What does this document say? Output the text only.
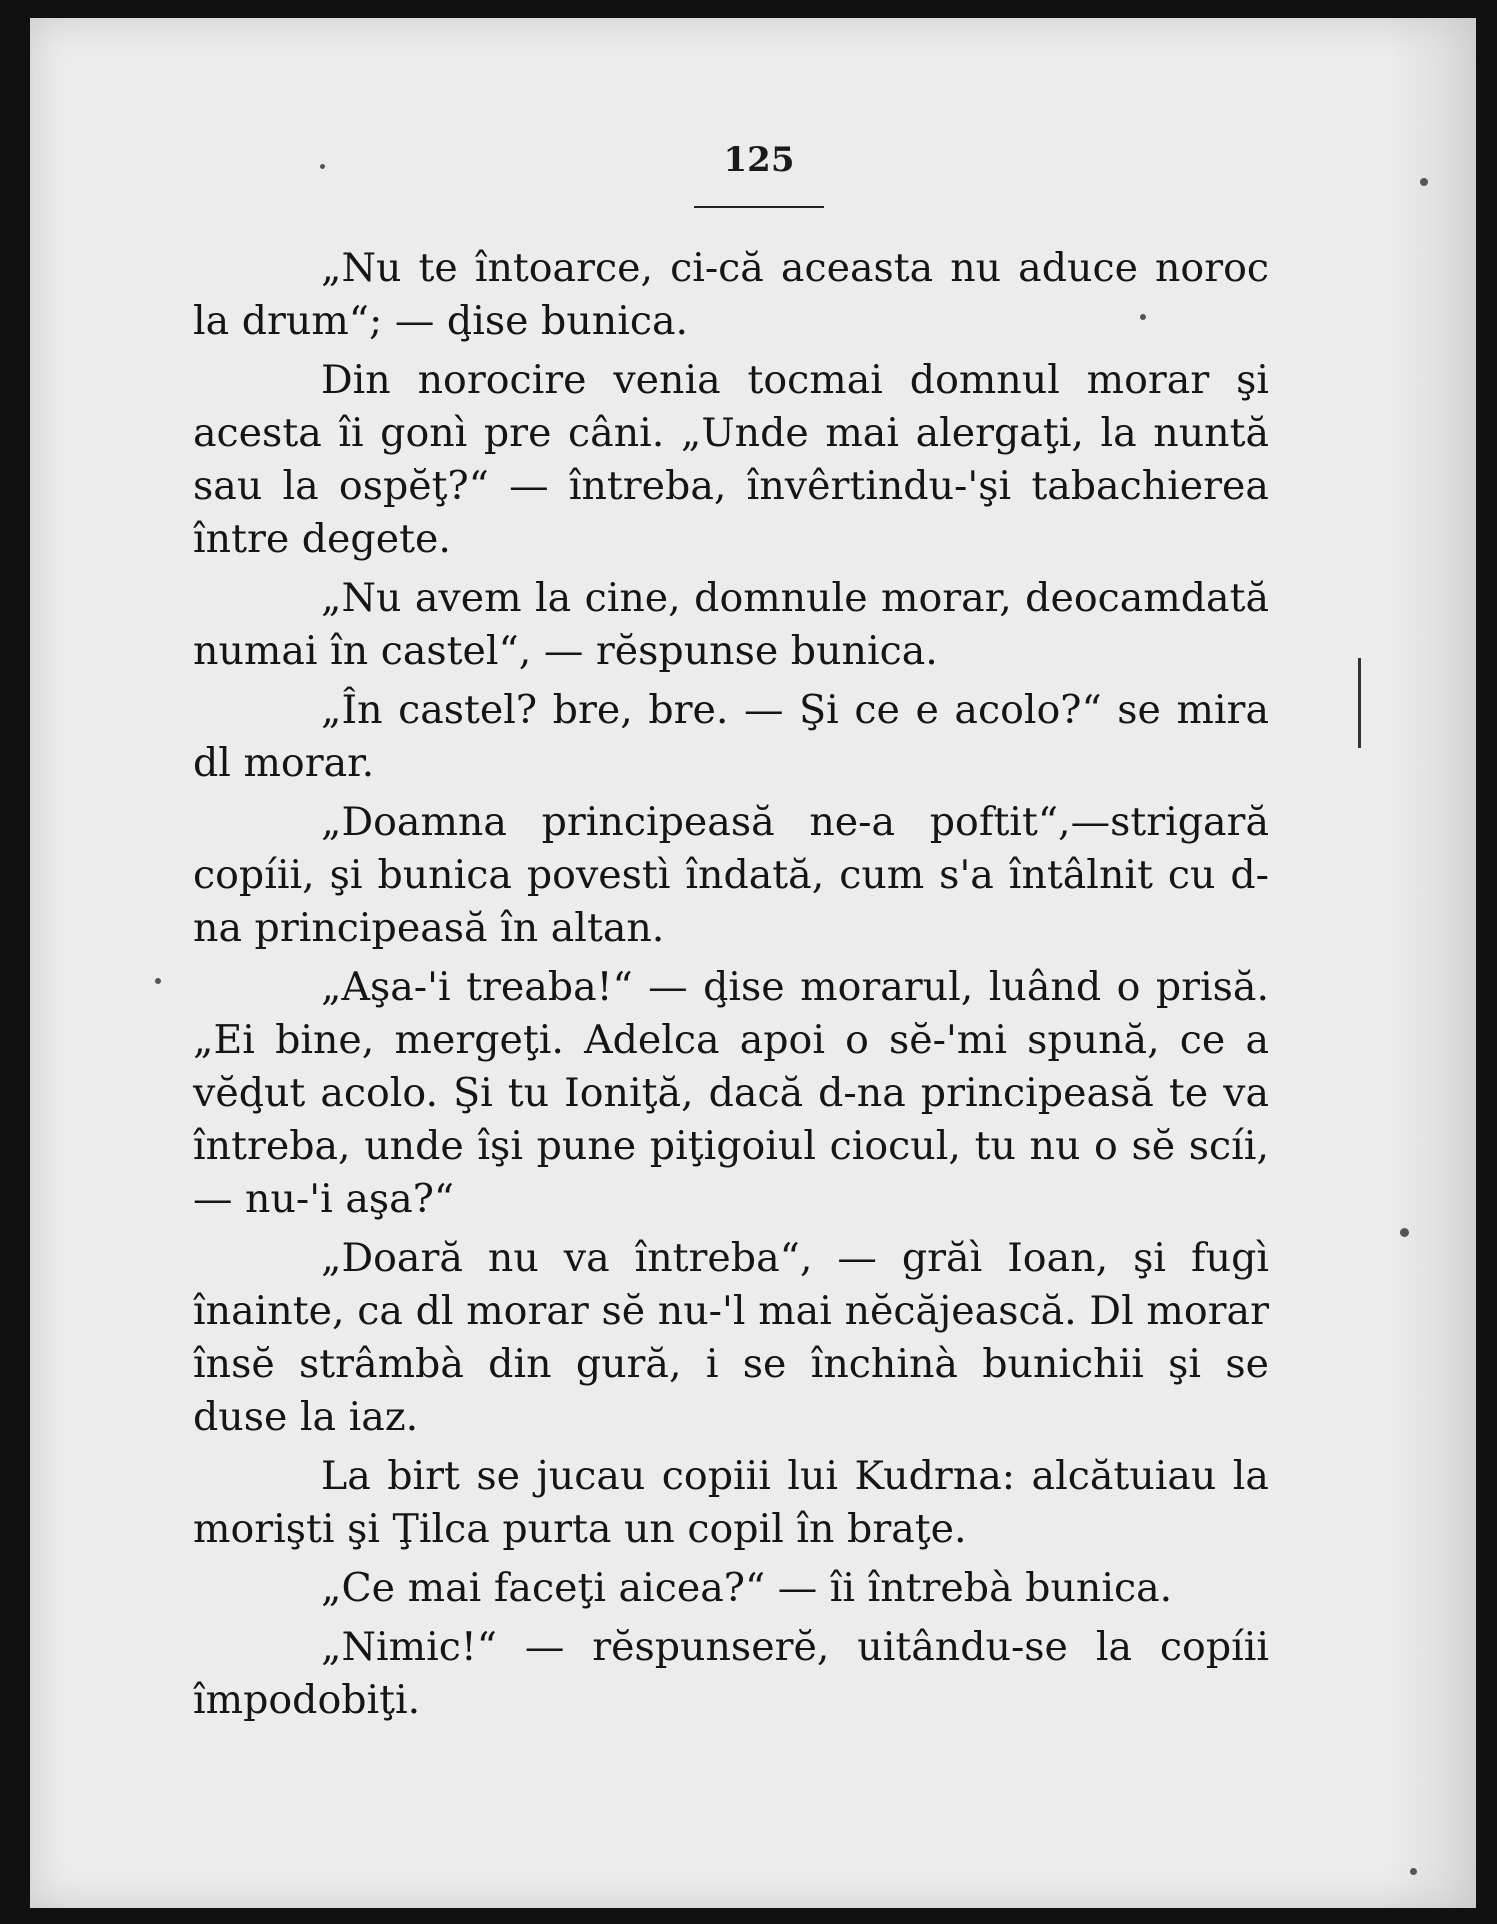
125

„Nu te întoarce, ci-că aceasta nu aduce noroc la drum“; — ḑise bunica.

Din norocire venia tocmai domnul morar şi acesta îi gonì pre câni. „Unde mai alergaţi, la nuntă sau la ospĕţ?“ — întreba, învêrtindu-'şi tabachierea între degete.

„Nu avem la cine, domnule morar, deocamdată numai în castel“, — rĕspunse bunica.

„În castel? bre, bre. — Şi ce e acolo?“ se mira dl morar.

„Doamna principeasă ne-a poftit“,—strigară copíii, şi bunica povestì îndată, cum s'a întâlnit cu d-na principeasă în altan.

„Aşa-'i treaba!“ — ḑise morarul, luând o prisă. „Ei bine, mergeţi. Adelca apoi o sĕ-'mi spună, ce a vĕḑut acolo. Şi tu Ioniţă, dacă d-na principeasă te va întreba, unde îşi pune piţigoiul ciocul, tu nu o sĕ scíi, — nu-'i aşa?“

„Doară nu va întreba“, — grăì Ioan, şi fugì înainte, ca dl morar sĕ nu-'l mai nĕcăjească. Dl morar însĕ strâmbà din gură, i se închinà bunichii şi se duse la iaz.

La birt se jucau copiii lui Kudrna: alcătuiau la morişti şi Ţilca purta un copil în braţe.

„Ce mai faceţi aicea?“ — îi întrebà bunica.

„Nimic!“ — rĕspunserĕ, uitându-se la copíii împodobiţi.
